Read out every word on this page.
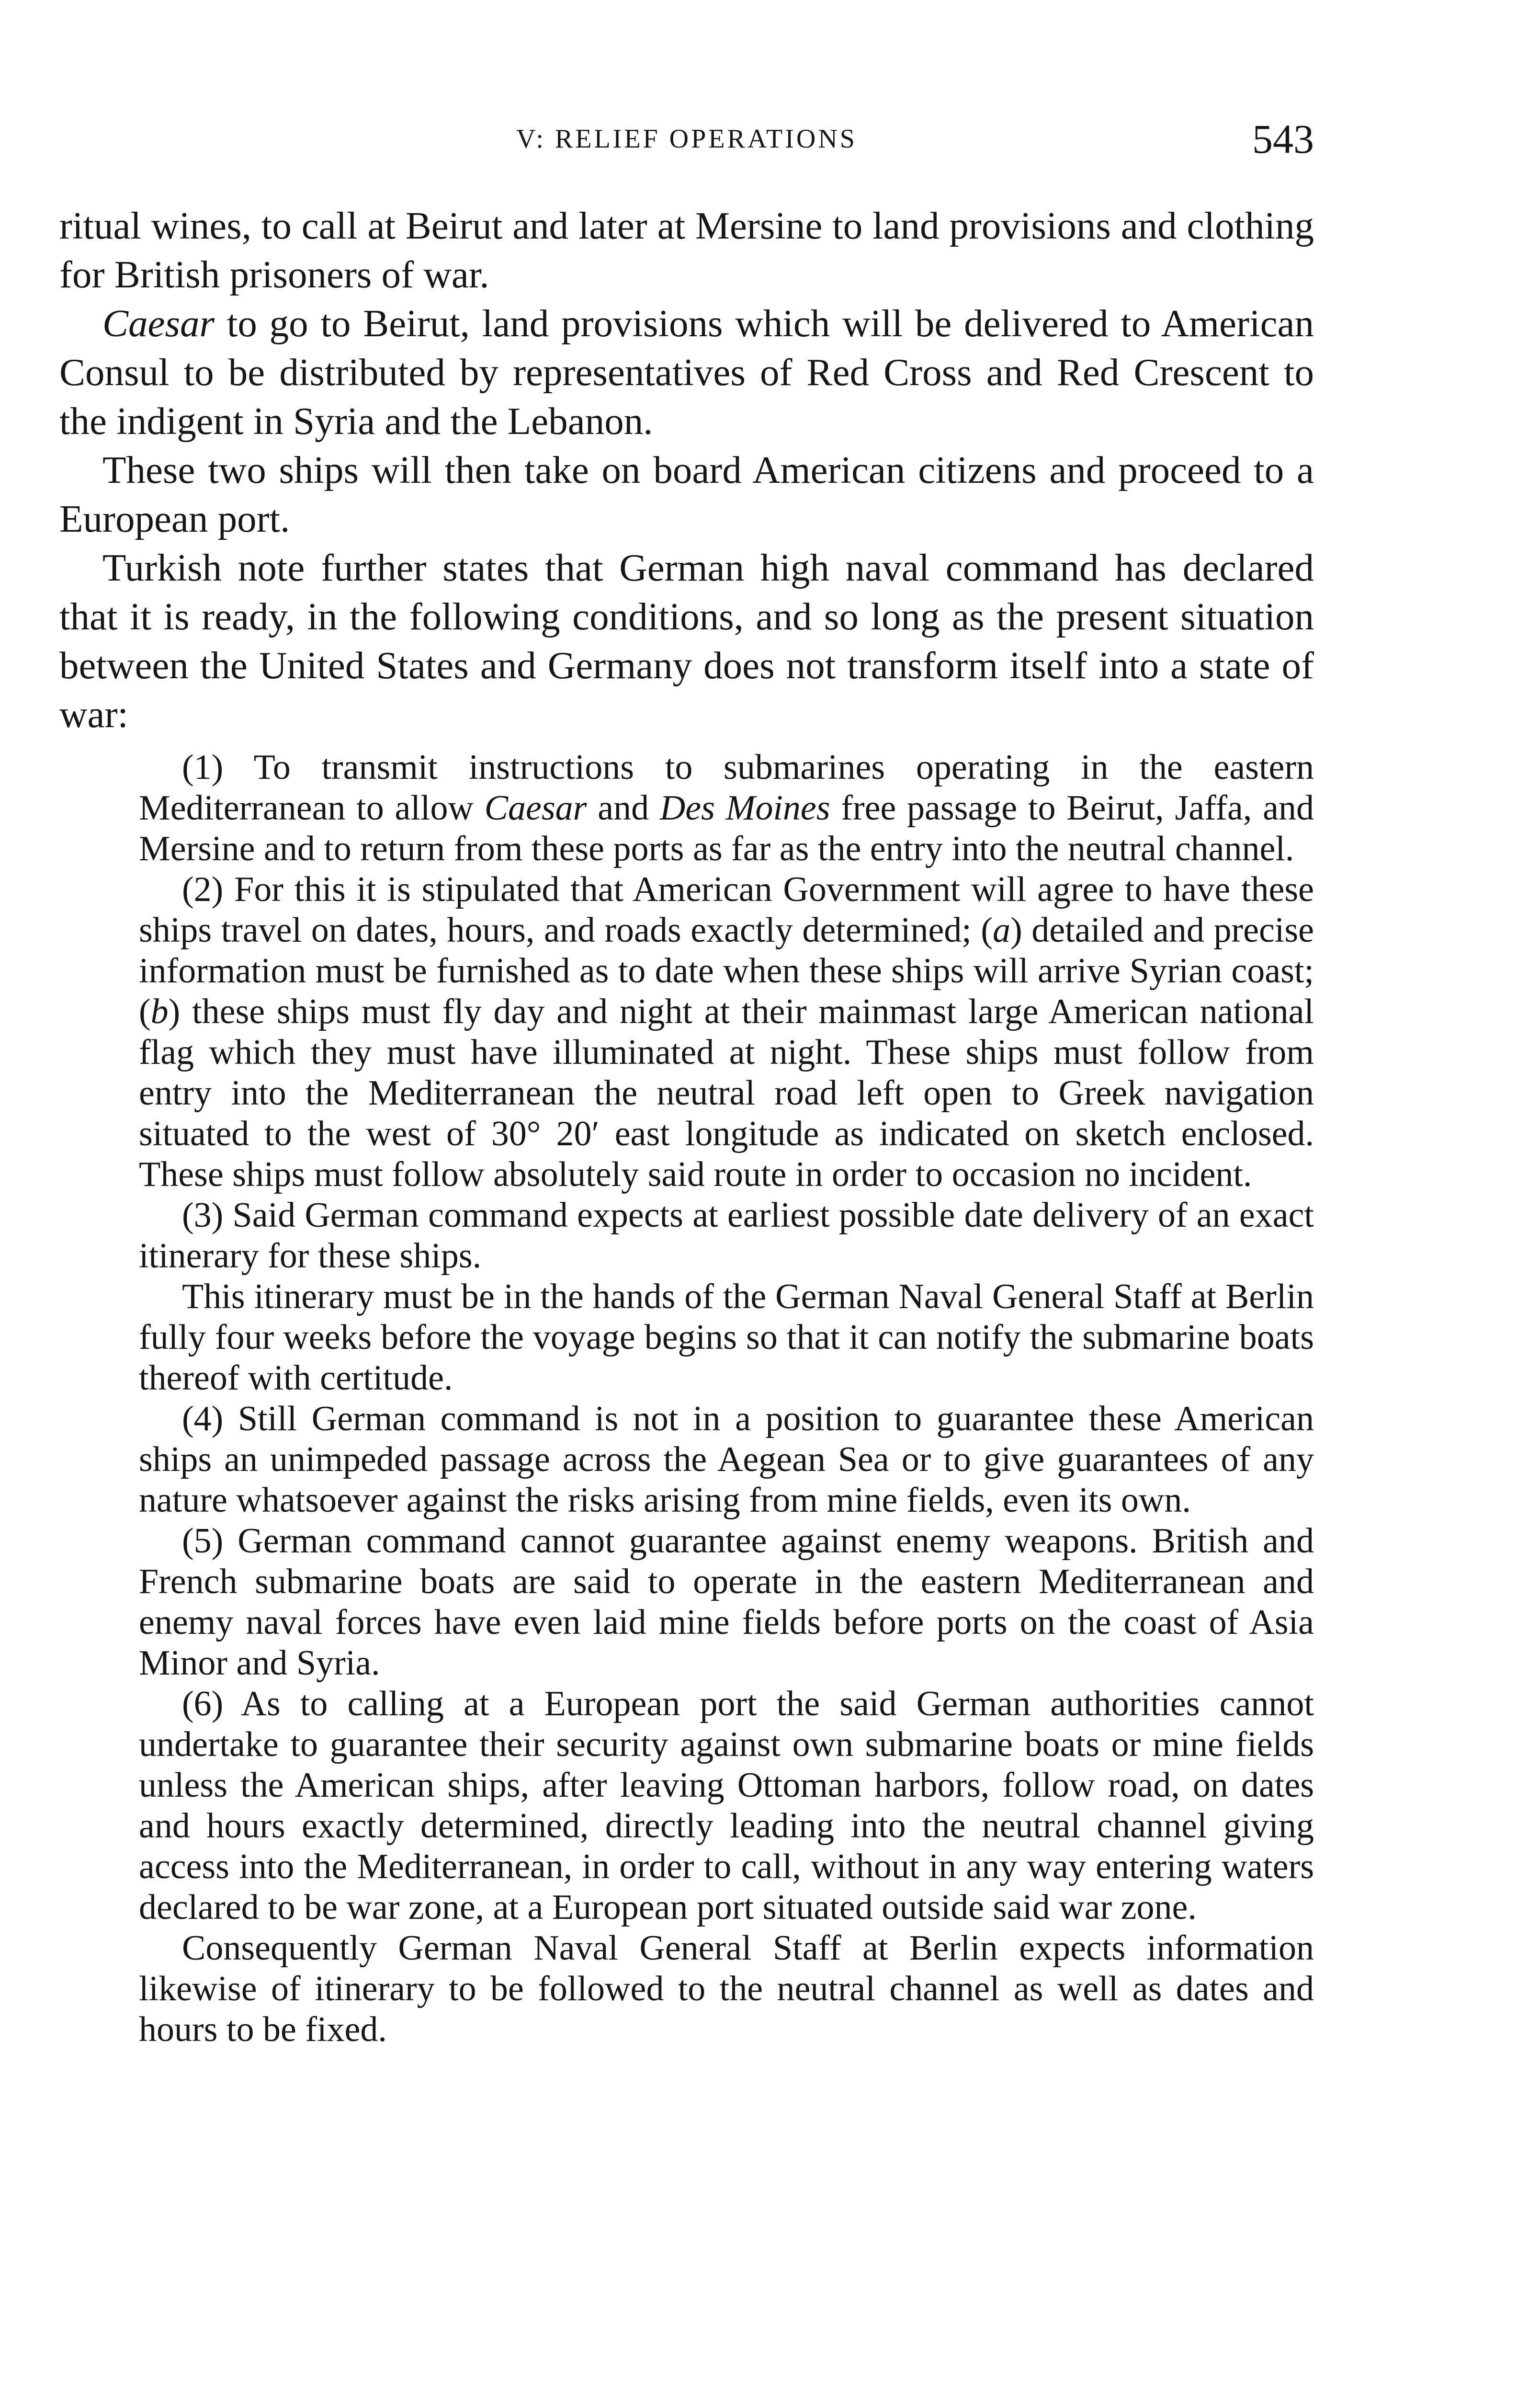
V: RELIEF OPERATIONS	543

ritual wines, to call at Beirut and later at Mersine to land provisions and clothing for British prisoners of war.

Caesar to go to Beirut, land provisions which will be delivered to American Consul to be distributed by representatives of Red Cross and Red Crescent to the indigent in Syria and the Lebanon.

These two ships will then take on board American citizens and proceed to a European port.

Turkish note further states that German high naval command has declared that it is ready, in the following conditions, and so long as the present situation between the United States and Germany does not transform itself into a state of war:

(1) To transmit instructions to submarines operating in the eastern Mediterranean to allow Caesar and Des Moines free passage to Beirut, Jaffa, and Mersine and to return from these ports as far as the entry into the neutral channel.

(2) For this it is stipulated that American Government will agree to have these ships travel on dates, hours, and roads exactly determined; (a) detailed and precise information must be furnished as to date when these ships will arrive Syrian coast; (b) these ships must fly day and night at their mainmast large American national flag which they must have illuminated at night. These ships must follow from entry into the Mediterranean the neutral road left open to Greek navigation situated to the west of 30° 20′ east longitude as indicated on sketch enclosed. These ships must follow absolutely said route in order to occasion no incident.

(3) Said German command expects at earliest possible date delivery of an exact itinerary for these ships.

This itinerary must be in the hands of the German Naval General Staff at Berlin fully four weeks before the voyage begins so that it can notify the submarine boats thereof with certitude.

(4) Still German command is not in a position to guarantee these American ships an unimpeded passage across the Aegean Sea or to give guarantees of any nature whatsoever against the risks arising from mine fields, even its own.

(5) German command cannot guarantee against enemy weapons. British and French submarine boats are said to operate in the eastern Mediterranean and enemy naval forces have even laid mine fields before ports on the coast of Asia Minor and Syria.

(6) As to calling at a European port the said German authorities cannot undertake to guarantee their security against own submarine boats or mine fields unless the American ships, after leaving Ottoman harbors, follow road, on dates and hours exactly determined, directly leading into the neutral channel giving access into the Mediterranean, in order to call, without in any way entering waters declared to be war zone, at a European port situated outside said war zone.

Consequently German Naval General Staff at Berlin expects information likewise of itinerary to be followed to the neutral channel as well as dates and hours to be fixed.
